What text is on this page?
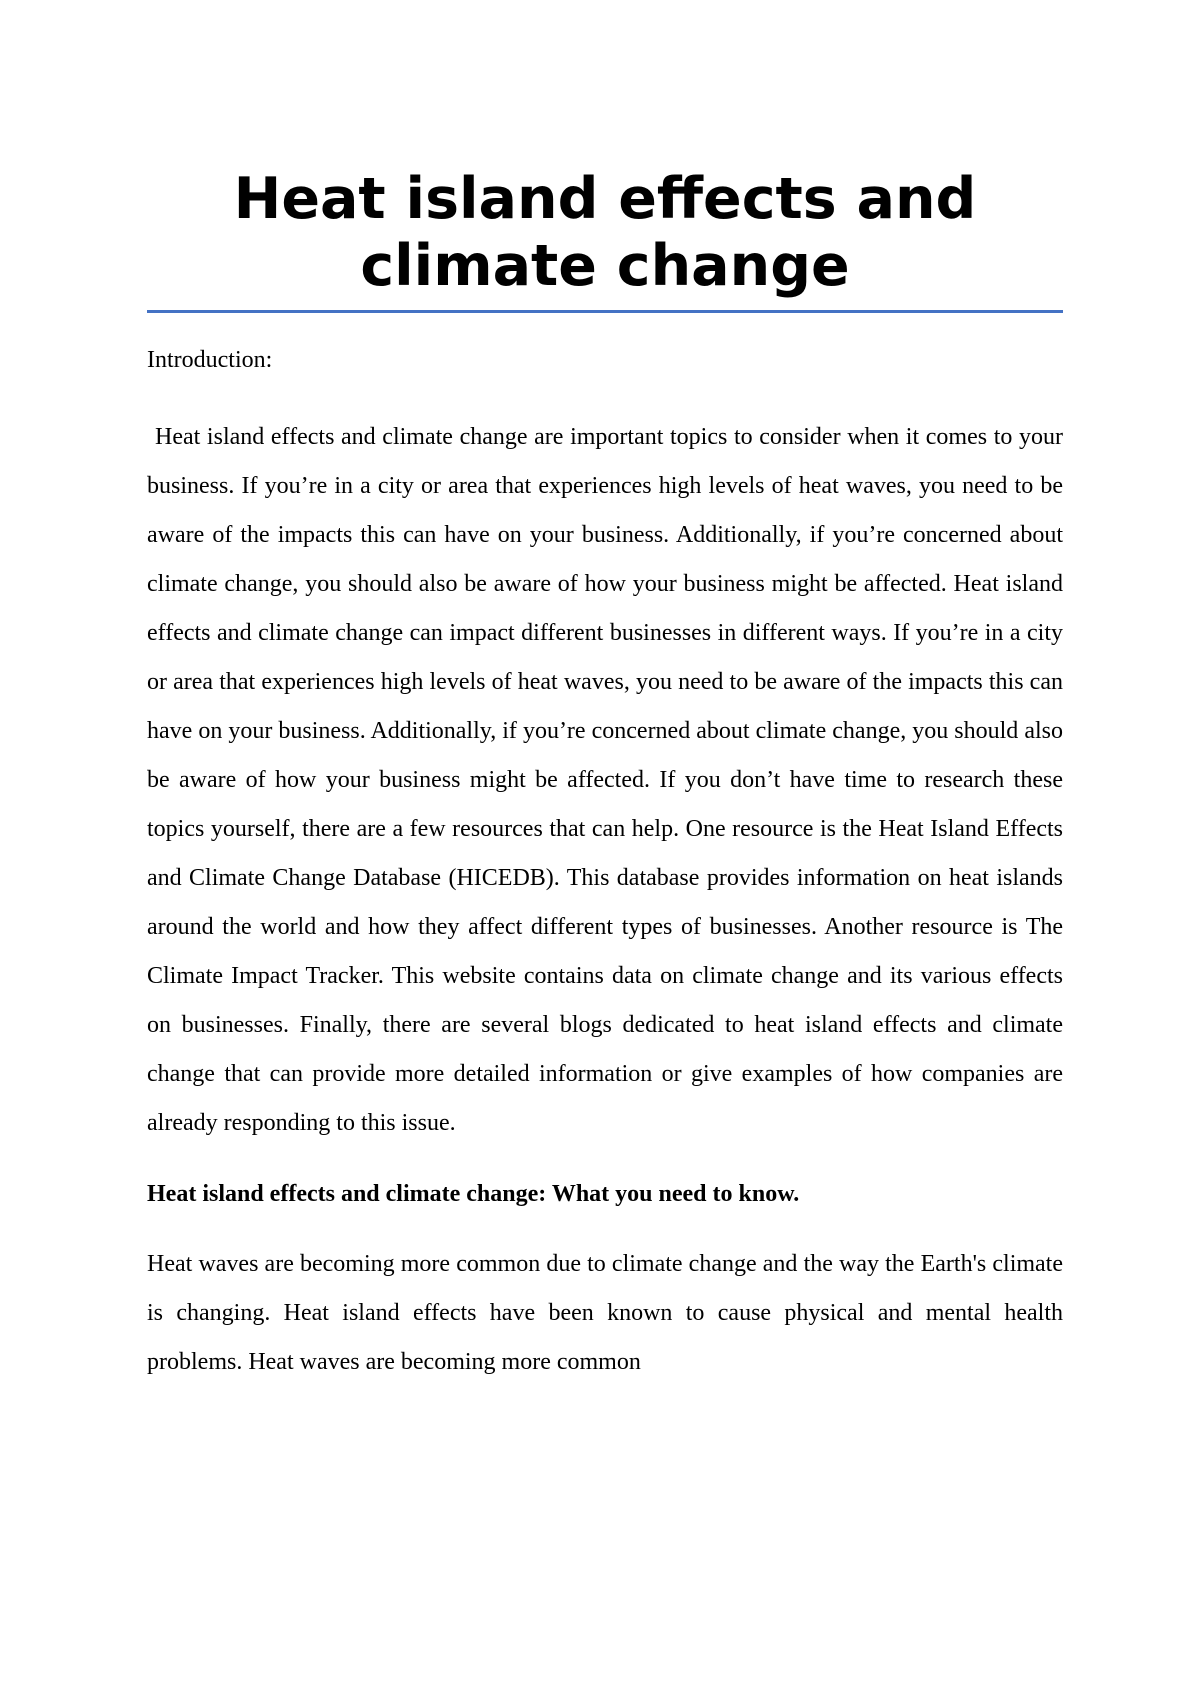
Heat island effects and climate change

Introduction:

Heat island effects and climate change are important topics to consider when it comes to your business. If you’re in a city or area that experiences high levels of heat waves, you need to be aware of the impacts this can have on your business. Additionally, if you’re concerned about climate change, you should also be aware of how your business might be affected. Heat island effects and climate change can impact different businesses in different ways. If you’re in a city or area that experiences high levels of heat waves, you need to be aware of the impacts this can have on your business. Additionally, if you’re concerned about climate change, you should also be aware of how your business might be affected. If you don’t have time to research these topics yourself, there are a few resources that can help. One resource is the Heat Island Effects and Climate Change Database (HICEDB). This database provides information on heat islands around the world and how they affect different types of businesses. Another resource is The Climate Impact Tracker. This website contains data on climate change and its various effects on businesses. Finally, there are several blogs dedicated to heat island effects and climate change that can provide more detailed information or give examples of how companies are already responding to this issue.

Heat island effects and climate change: What you need to know.

Heat waves are becoming more common due to climate change and the way the Earth's climate is changing. Heat island effects have been known to cause physical and mental health problems. Heat waves are becoming more common
